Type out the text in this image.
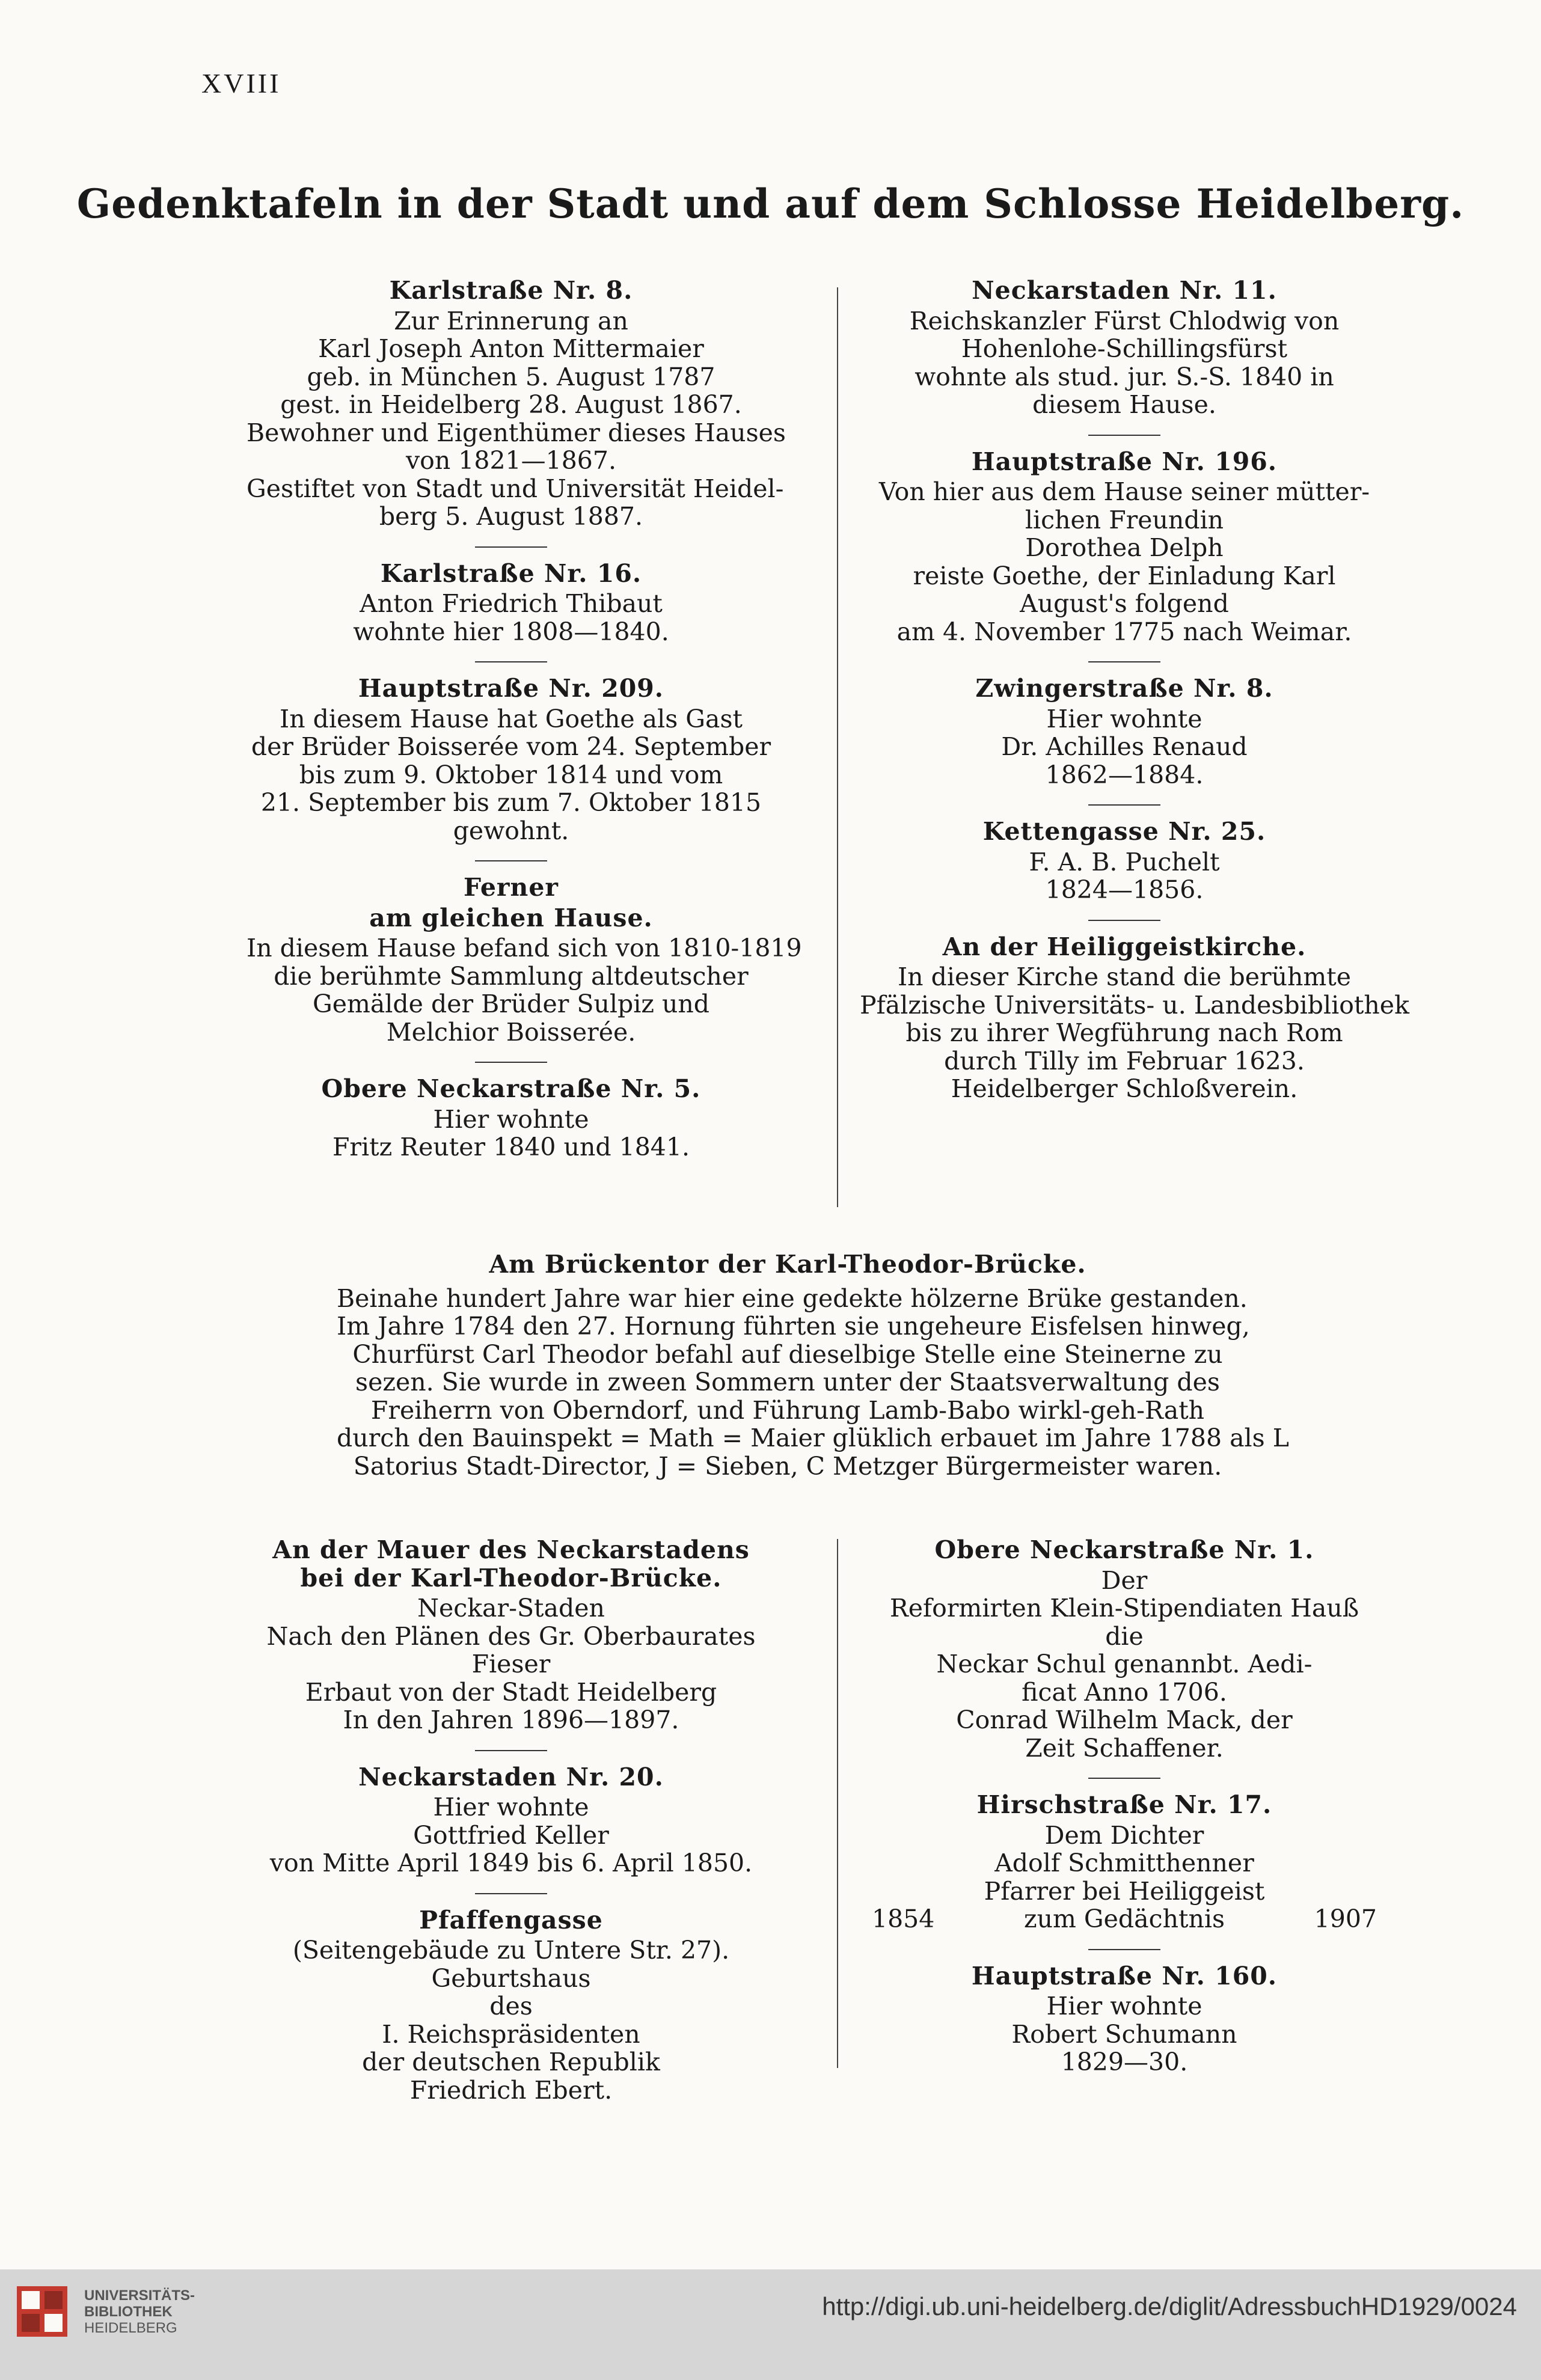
XVIII
Gedenktafeln in der Stadt und auf dem Schlosse Heidelberg.
Karlstraße Nr. 8.
Zur Erinnerung an
Karl Joseph Anton Mittermaier
geb. in München 5. August 1787
gest. in Heidelberg 28. August 1867.
Bewohner und Eigenthümer dieses Hauses
von 1821—1867.
Gestiftet von Stadt und Universität Heidel-
berg 5. August 1887.
Karlstraße Nr. 16.
Anton Friedrich Thibaut
wohnte hier 1808—1840.
Hauptstraße Nr. 209.
In diesem Hause hat Goethe als Gast
der Brüder Boisserée vom 24. September
bis zum 9. Oktober 1814 und vom
21. September bis zum 7. Oktober 1815
gewohnt.
Ferner
am gleichen Hause.
In diesem Hause befand sich von 1810-1819
die berühmte Sammlung altdeutscher
Gemälde der Brüder Sulpiz und
Melchior Boisserée.
Obere Neckarstraße Nr. 5.
Hier wohnte
Fritz Reuter 1840 und 1841.
Neckarstaden Nr. 11.
Reichskanzler Fürst Chlodwig von
Hohenlohe-Schillingsfürst
wohnte als stud. jur. S.-S. 1840 in
diesem Hause.
Hauptstraße Nr. 196.
Von hier aus dem Hause seiner mütter-
lichen Freundin
Dorothea Delph
reiste Goethe, der Einladung Karl
August's folgend
am 4. November 1775 nach Weimar.
Zwingerstraße Nr. 8.
Hier wohnte
Dr. Achilles Renaud
1862—1884.
Kettengasse Nr. 25.
F. A. B. Puchelt
1824—1856.
An der Heiliggeistkirche.
In dieser Kirche stand die berühmte
Pfälzische Universitäts- u. Landesbibliothek
bis zu ihrer Wegführung nach Rom
durch Tilly im Februar 1623.
Heidelberger Schloßverein.
Am Brückentor der Karl-Theodor-Brücke.
Beinahe hundert Jahre war hier eine gedekte hölzerne Brüke gestanden.
Im Jahre 1784 den 27. Hornung führten sie ungeheure Eisfelsen hinweg,
Churfürst Carl Theodor befahl auf dieselbige Stelle eine Steinerne zu
sezen. Sie wurde in zween Sommern unter der Staatsverwaltung des
Freiherrn von Oberndorf, und Führung Lamb-Babo wirkl-geh-Rath
durch den Bauinspekt = Math = Maier glüklich erbauet im Jahre 1788 als L
Satorius Stadt-Director, J = Sieben, C Metzger Bürgermeister waren.
An der Mauer des Neckarstadens bei der Karl-Theodor-Brücke.
Neckar-Staden
Nach den Plänen des Gr. Oberbaurates
Fieser
Erbaut von der Stadt Heidelberg
In den Jahren 1896—1897.
Neckarstaden Nr. 20.
Hier wohnte
Gottfried Keller
von Mitte April 1849 bis 6. April 1850.
Pfaffengasse
(Seitengebäude zu Untere Str. 27).
Geburtshaus
des
I. Reichspräsidenten
der deutschen Republik
Friedrich Ebert.
Obere Neckarstraße Nr. 1.
Der
Reformirten Klein-Stipendiaten Hauß
die
Neckar Schul genannbt. Aedi-
ficat Anno 1706.
Conrad Wilhelm Mack, der
Zeit Schaffener.
Hirschstraße Nr. 17.
Dem Dichter
Adolf Schmitthenner
Pfarrer bei Heiliggeist
1854	zum Gedächtnis	1907
Hauptstraße Nr. 160.
Hier wohnte
Robert Schumann
1829—30.
UNIVERSITÄTS-
BIBLIOTHEK
HEIDELBERG
http://digi.ub.uni-heidelberg.de/diglit/AdressbuchHD1929/0024
